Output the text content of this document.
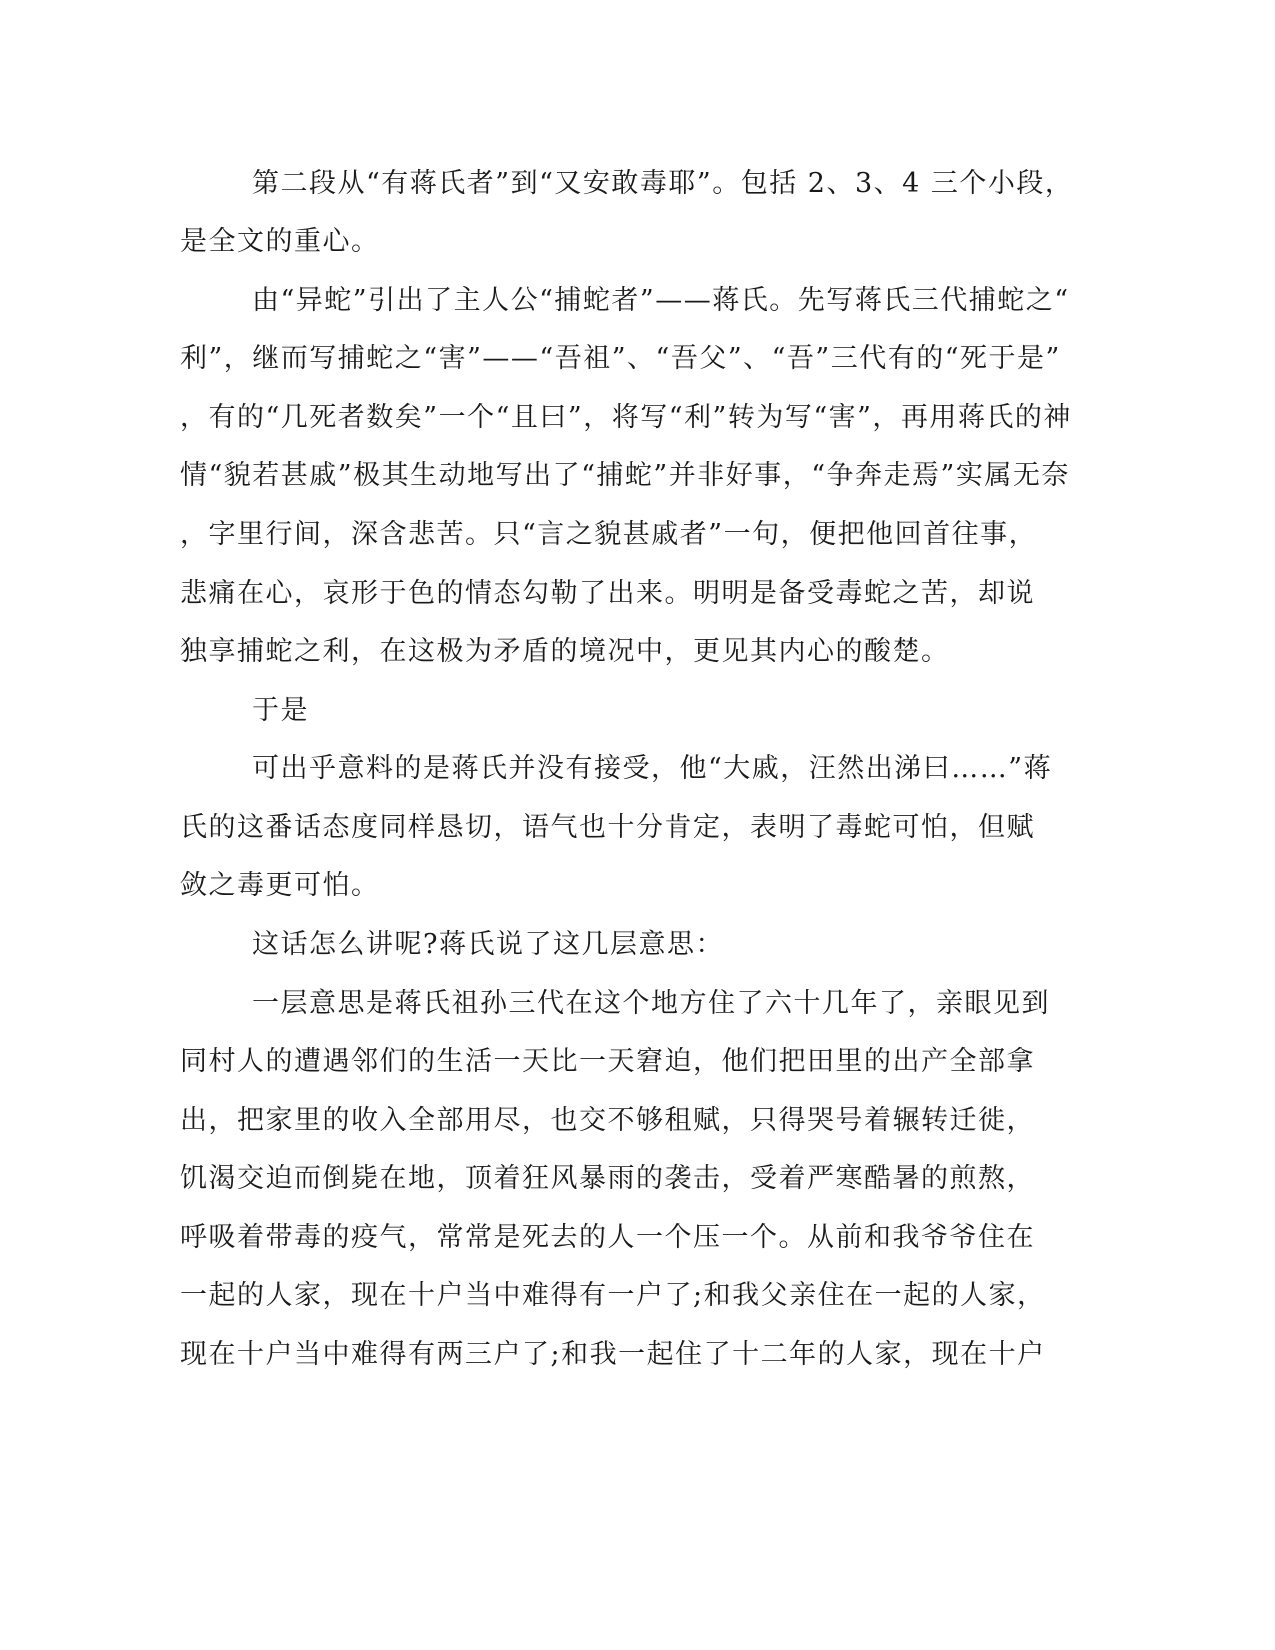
第二段从“有蒋氏者”到“又安敢毒耶”。包括 2、3、4 三个小段，
是全文的重心。
由“异蛇”引出了主人公“捕蛇者”——蒋氏。先写蒋氏三代捕蛇之“
利”，继而写捕蛇之“害”——“吾祖”、“吾父”、“吾”三代有的“死于是”
，有的“几死者数矣”一个“且曰”，将写“利”转为写“害”，再用蒋氏的神
情“貌若甚戚”极其生动地写出了“捕蛇”并非好事，“争奔走焉”实属无奈
，字里行间，深含悲苦。只“言之貌甚戚者”一句，便把他回首往事，
悲痛在心，哀形于色的情态勾勒了出来。明明是备受毒蛇之苦，却说
独享捕蛇之利，在这极为矛盾的境况中，更见其内心的酸楚。
于是
可出乎意料的是蒋氏并没有接受，他“大戚，汪然出涕曰……”蒋
氏的这番话态度同样恳切，语气也十分肯定，表明了毒蛇可怕，但赋
敛之毒更可怕。
这话怎么讲呢?蒋氏说了这几层意思：
一层意思是蒋氏祖孙三代在这个地方住了六十几年了，亲眼见到
同村人的遭遇邻们的生活一天比一天窘迫，他们把田里的出产全部拿
出，把家里的收入全部用尽，也交不够租赋，只得哭号着辗转迁徙，
饥渴交迫而倒毙在地，顶着狂风暴雨的袭击，受着严寒酷暑的煎熬，
呼吸着带毒的疫气，常常是死去的人一个压一个。从前和我爷爷住在
一起的人家，现在十户当中难得有一户了;和我父亲住在一起的人家，
现在十户当中难得有两三户了;和我一起住了十二年的人家，现在十户
